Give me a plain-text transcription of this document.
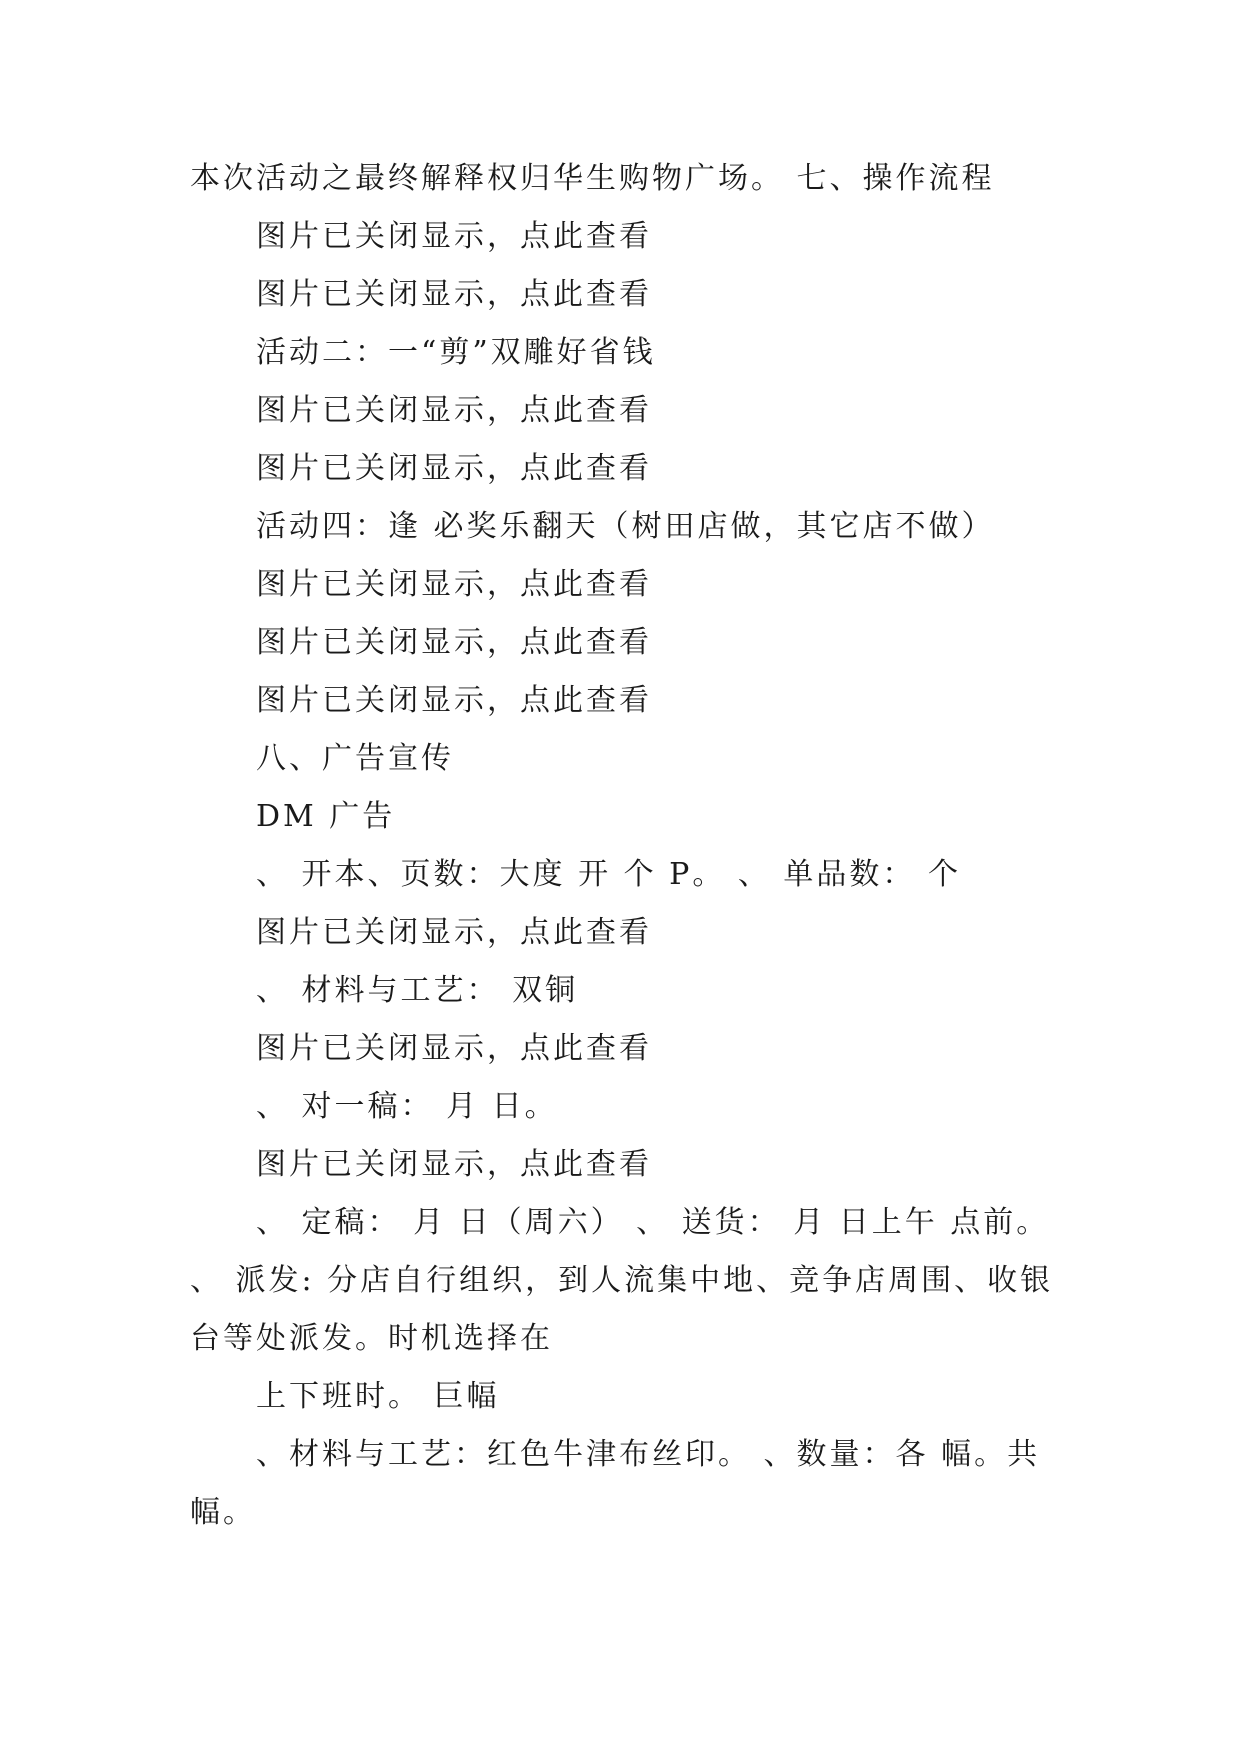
本次活动之最终解释权归华生购物广场。 七、操作流程

图片已关闭显示，点此查看

图片已关闭显示，点此查看

活动二：一“剪”双雕好省钱

图片已关闭显示，点此查看

图片已关闭显示，点此查看

活动四：逢 必奖乐翻天（树田店做，其它店不做）

图片已关闭显示，点此查看

图片已关闭显示，点此查看

图片已关闭显示，点此查看

八、广告宣传

DM 广告

、 开本、页数：大度 开 个 P。 、 单品数： 个

图片已关闭显示，点此查看

、 材料与工艺： 双铜

图片已关闭显示，点此查看

、 对一稿： 月 日。

图片已关闭显示，点此查看

、 定稿： 月 日（周六） 、 送货： 月 日上午 点前。 、 派发: 分店自行组织，到人流集中地、竞争店周围、收银台等处派发。时机选择在

上下班时。 巨幅

、材料与工艺：红色牛津布丝印。 、数量：各 幅。共幅。
